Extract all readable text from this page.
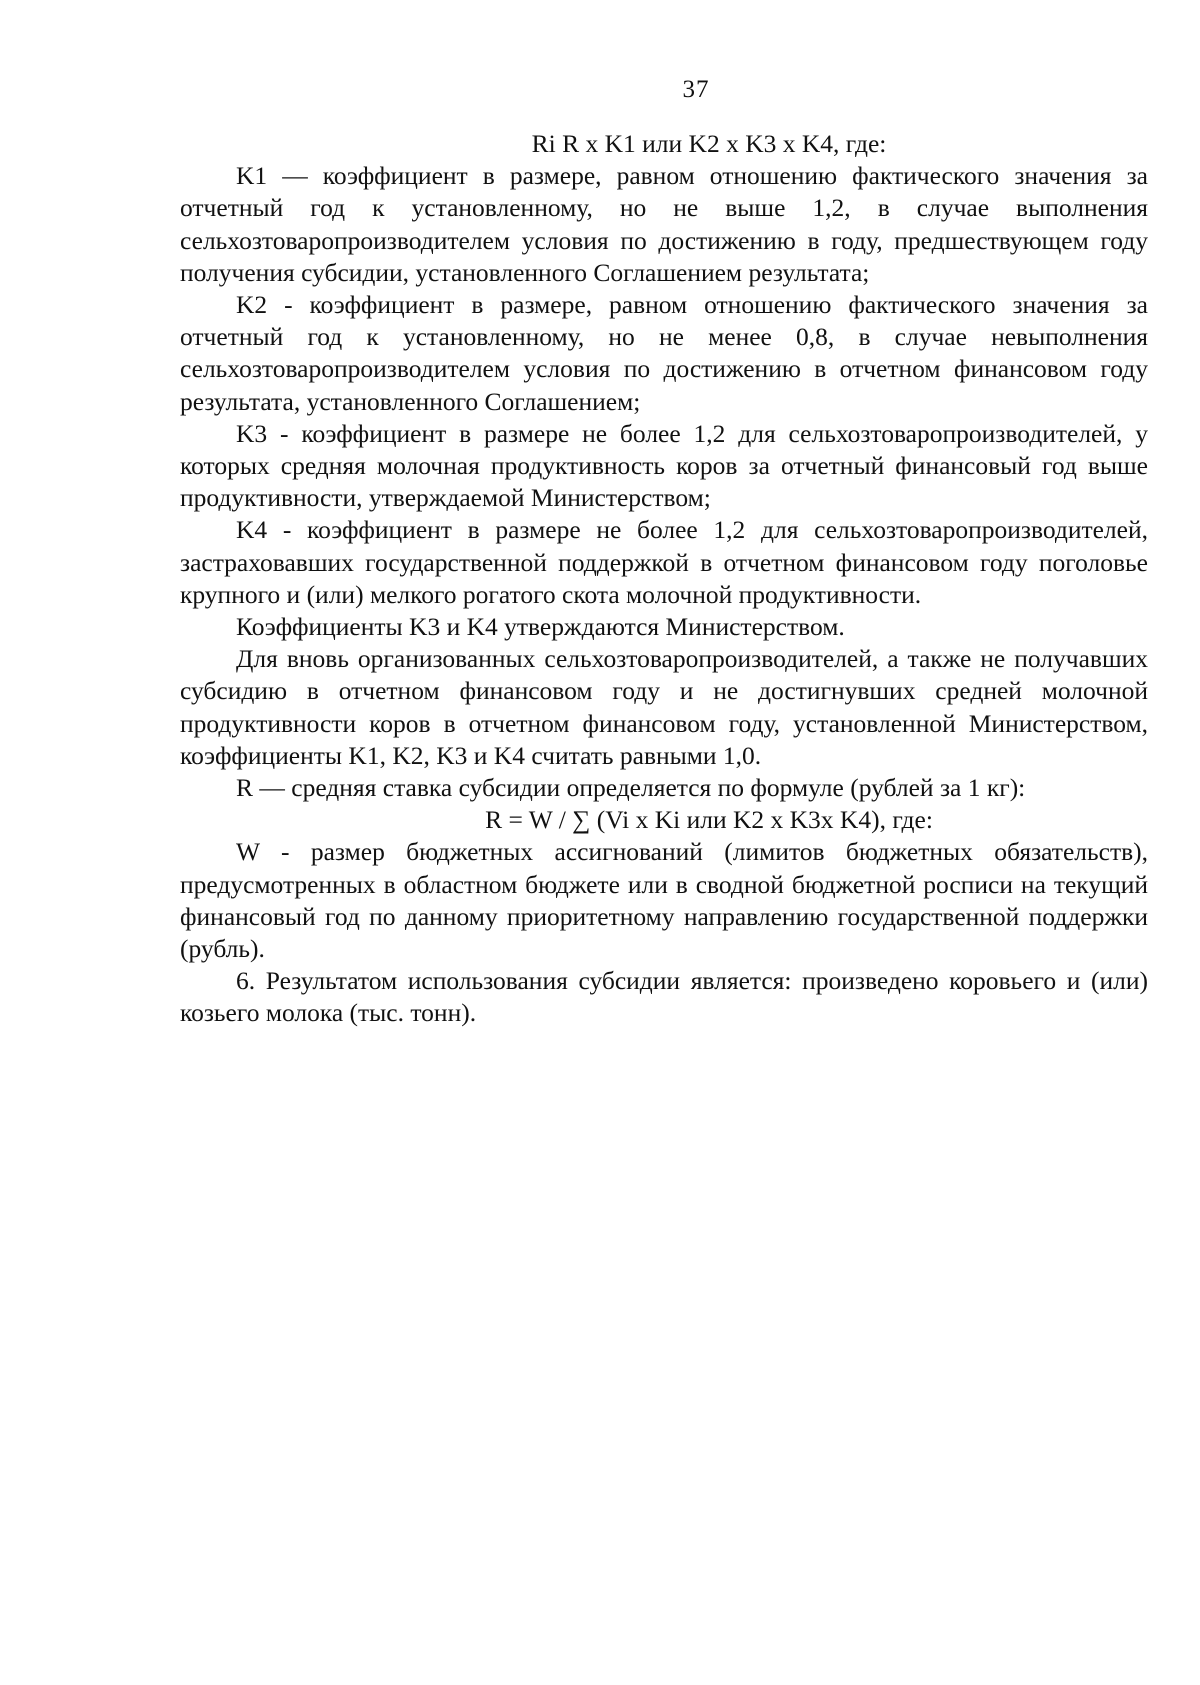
37

Ri R x K1 или K2 x K3 x K4, где:

K1 — коэффициент в размере, равном отношению фактического значения за отчетный год к установленному, но не выше 1,2, в случае выполнения сельхозтоваропроизводителем условия по достижению в году, предшествующем году получения субсидии, установленного Соглашением результата;

K2 - коэффициент в размере, равном отношению фактического значения за отчетный год к установленному, но не менее 0,8, в случае невыполнения сельхозтоваропроизводителем условия по достижению в отчетном финансовом году результата, установленного Соглашением;

K3 - коэффициент в размере не более 1,2 для сельхозтоваропроизводителей, у которых средняя молочная продуктивность коров за отчетный финансовый год выше продуктивности, утверждаемой Министерством;

K4 - коэффициент в размере не более 1,2 для сельхозтоваропроизводителей, застраховавших государственной поддержкой в отчетном финансовом году поголовье крупного и (или) мелкого рогатого скота молочной продуктивности.

Коэффициенты K3 и K4 утверждаются Министерством.

Для вновь организованных сельхозтоваропроизводителей, а также не получавших субсидию в отчетном финансовом году и не достигнувших средней молочной продуктивности коров в отчетном финансовом году, установленной Министерством, коэффициенты K1, K2, K3 и K4 считать равными 1,0.

R — средняя ставка субсидии определяется по формуле (рублей за 1 кг):

R = W / ∑ (Vi x Ki или K2 x K3x K4), где:

W - размер бюджетных ассигнований (лимитов бюджетных обязательств), предусмотренных в областном бюджете или в сводной бюджетной росписи на текущий финансовый год по данному приоритетному направлению государственной поддержки (рубль).

6. Результатом использования субсидии является: произведено коровьего и (или) козьего молока (тыс. тонн).
